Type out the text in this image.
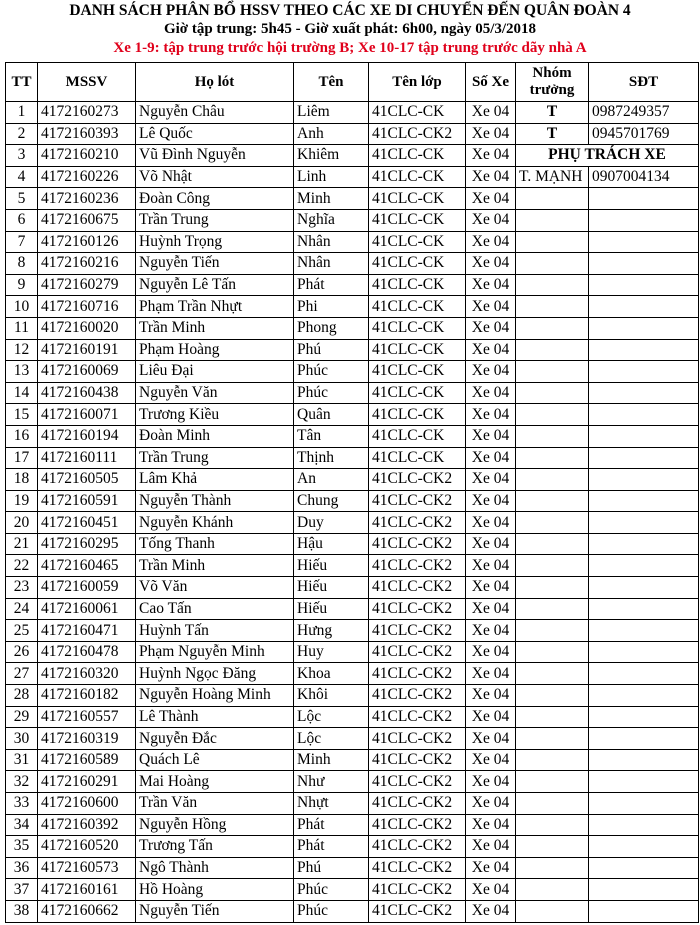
DANH SÁCH PHÂN BỔ HSSV THEO CÁC XE DI CHUYỂN ĐẾN QUÂN ĐOÀN 4
Giờ tập trung: 5h45 - Giờ xuất phát: 6h00, ngày 05/3/2018
Xe 1-9: tập trung trước hội trường B; Xe 10-17 tập trung trước dãy nhà A
TT	MSSV	Họ lót	Tên	Tên lớp	Số Xe	Nhóm trưởng	SĐT
1	4172160273	Nguyễn Châu	Liêm	41CLC-CK	Xe 04	T	0987249357
2	4172160393	Lê Quốc	Anh	41CLC-CK2	Xe 04	T	0945701769
3	4172160210	Vũ Đình Nguyễn	Khiêm	41CLC-CK	Xe 04	PHỤ TRÁCH XE	
4	4172160226	Võ Nhật	Linh	41CLC-CK	Xe 04	T. MẠNH	0907004134
5	4172160236	Đoàn Công	Minh	41CLC-CK	Xe 04		
6	4172160675	Trần Trung	Nghĩa	41CLC-CK	Xe 04		
7	4172160126	Huỳnh Trọng	Nhân	41CLC-CK	Xe 04		
8	4172160216	Nguyễn Tiến	Nhân	41CLC-CK	Xe 04		
9	4172160279	Nguyễn Lê Tấn	Phát	41CLC-CK	Xe 04		
10	4172160716	Phạm Trần Nhựt	Phi	41CLC-CK	Xe 04		
11	4172160020	Trần Minh	Phong	41CLC-CK	Xe 04		
12	4172160191	Phạm Hoàng	Phú	41CLC-CK	Xe 04		
13	4172160069	Liêu Đại	Phúc	41CLC-CK	Xe 04		
14	4172160438	Nguyễn Văn	Phúc	41CLC-CK	Xe 04		
15	4172160071	Trương Kiều	Quân	41CLC-CK	Xe 04		
16	4172160194	Đoàn Minh	Tân	41CLC-CK	Xe 04		
17	4172160111	Trần Trung	Thịnh	41CLC-CK	Xe 04		
18	4172160505	Lâm Khả	An	41CLC-CK2	Xe 04		
19	4172160591	Nguyễn Thành	Chung	41CLC-CK2	Xe 04		
20	4172160451	Nguyễn Khánh	Duy	41CLC-CK2	Xe 04		
21	4172160295	Tống Thanh	Hậu	41CLC-CK2	Xe 04		
22	4172160465	Trần Minh	Hiếu	41CLC-CK2	Xe 04		
23	4172160059	Võ Văn	Hiếu	41CLC-CK2	Xe 04		
24	4172160061	Cao Tấn	Hiếu	41CLC-CK2	Xe 04		
25	4172160471	Huỳnh Tấn	Hưng	41CLC-CK2	Xe 04		
26	4172160478	Phạm Nguyễn Minh	Huy	41CLC-CK2	Xe 04		
27	4172160320	Huỳnh Ngọc Đăng	Khoa	41CLC-CK2	Xe 04		
28	4172160182	Nguyễn Hoàng Minh	Khôi	41CLC-CK2	Xe 04		
29	4172160557	Lê Thành	Lộc	41CLC-CK2	Xe 04		
30	4172160319	Nguyễn Đắc	Lộc	41CLC-CK2	Xe 04		
31	4172160589	Quách Lê	Minh	41CLC-CK2	Xe 04		
32	4172160291	Mai Hoàng	Như	41CLC-CK2	Xe 04		
33	4172160600	Trần Văn	Nhựt	41CLC-CK2	Xe 04		
34	4172160392	Nguyễn Hồng	Phát	41CLC-CK2	Xe 04		
35	4172160520	Trương Tấn	Phát	41CLC-CK2	Xe 04		
36	4172160573	Ngô Thành	Phú	41CLC-CK2	Xe 04		
37	4172160161	Hồ Hoàng	Phúc	41CLC-CK2	Xe 04		
38	4172160662	Nguyễn Tiến	Phúc	41CLC-CK2	Xe 04		
